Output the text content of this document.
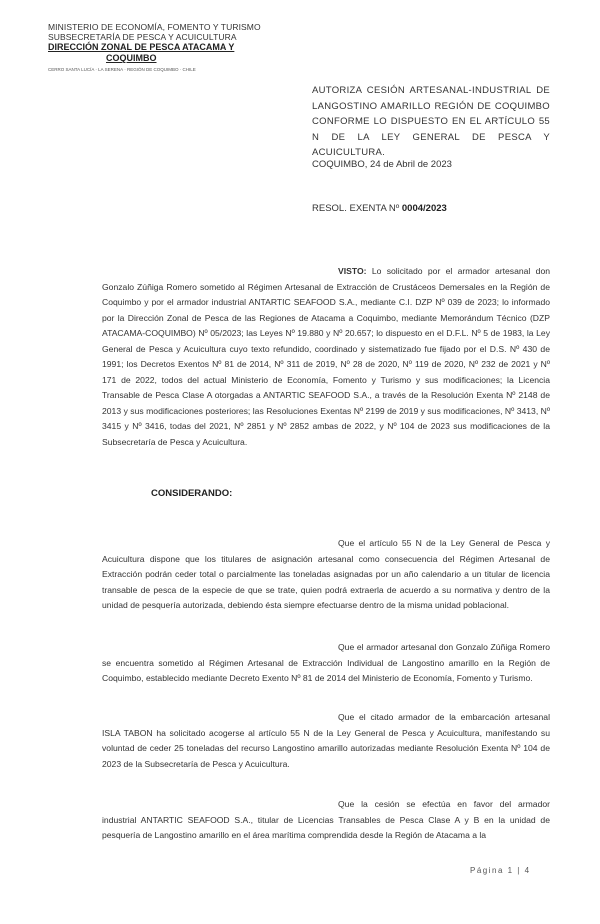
MINISTERIO DE ECONOMÍA, FOMENTO Y TURISMO
SUBSECRETARÍA DE PESCA Y ACUICULTURA
DIRECCIÓN ZONAL DE PESCA ATACAMA Y
COQUIMBO
CERRO SANTA LUCÍA · LA SERENA · REGIÓN DE COQUIMBO · CHILE
AUTORIZA CESIÓN ARTESANAL-INDUSTRIAL DE LANGOSTINO AMARILLO REGIÓN DE COQUIMBO CONFORME LO DISPUESTO EN EL ARTÍCULO 55 N DE LA LEY GENERAL DE PESCA Y ACUICULTURA.
COQUIMBO, 24 de Abril de 2023
RESOL. EXENTA Nº 0004/2023
VISTO: Lo solicitado por el armador artesanal don Gonzalo Zúñiga Romero sometido al Régimen Artesanal de Extracción de Crustáceos Demersales en la Región de Coquimbo y por el armador industrial ANTARTIC SEAFOOD S.A., mediante C.I. DZP Nº 039 de 2023; lo informado por la Dirección Zonal de Pesca de las Regiones de Atacama a Coquimbo, mediante Memorándum Técnico (DZP ATACAMA-COQUIMBO) Nº 05/2023; las Leyes Nº 19.880 y Nº 20.657; lo dispuesto en el D.F.L. Nº 5 de 1983, la Ley General de Pesca y Acuicultura cuyo texto refundido, coordinado y sistematizado fue fijado por el D.S. Nº 430 de 1991; los Decretos Exentos Nº 81 de 2014, Nº 311 de 2019, Nº 28 de 2020, Nº 119 de 2020, Nº 232 de 2021 y Nº 171 de 2022, todos del actual Ministerio de Economía, Fomento y Turismo y sus modificaciones; la Licencia Transable de Pesca Clase A otorgadas a ANTARTIC SEAFOOD S.A., a través de la Resolución Exenta Nº 2148 de 2013 y sus modificaciones posteriores; las Resoluciones Exentas Nº 2199 de 2019 y sus modificaciones, Nº 3413, Nº 3415 y Nº 3416, todas del 2021, Nº 2851 y Nº 2852 ambas de 2022, y Nº 104 de 2023 sus modificaciones de la Subsecretaría de Pesca y Acuicultura.
CONSIDERANDO:
Que el artículo 55 N de la Ley General de Pesca y Acuicultura dispone que los titulares de asignación artesanal como consecuencia del Régimen Artesanal de Extracción podrán ceder total o parcialmente las toneladas asignadas por un año calendario a un titular de licencia transable de pesca de la especie de que se trate, quien podrá extraerla de acuerdo a su normativa y dentro de la unidad de pesquería autorizada, debiendo ésta siempre efectuarse dentro de la misma unidad poblacional.
Que el armador artesanal don Gonzalo Zúñiga Romero se encuentra sometido al Régimen Artesanal de Extracción Individual de Langostino amarillo en la Región de Coquimbo, establecido mediante Decreto Exento Nº 81 de 2014 del Ministerio de Economía, Fomento y Turismo.
Que el citado armador de la embarcación artesanal ISLA TABON ha solicitado acogerse al artículo 55 N de la Ley General de Pesca y Acuicultura, manifestando su voluntad de ceder 25 toneladas del recurso Langostino amarillo autorizadas mediante Resolución Exenta Nº 104 de 2023 de la Subsecretaría de Pesca y Acuicultura.
Que la cesión se efectúa en favor del armador industrial ANTARTIC SEAFOOD S.A., titular de Licencias Transables de Pesca Clase A y B en la unidad de pesquería de Langostino amarillo en el área marítima comprendida desde la Región de Atacama a la
Página 1 | 4
